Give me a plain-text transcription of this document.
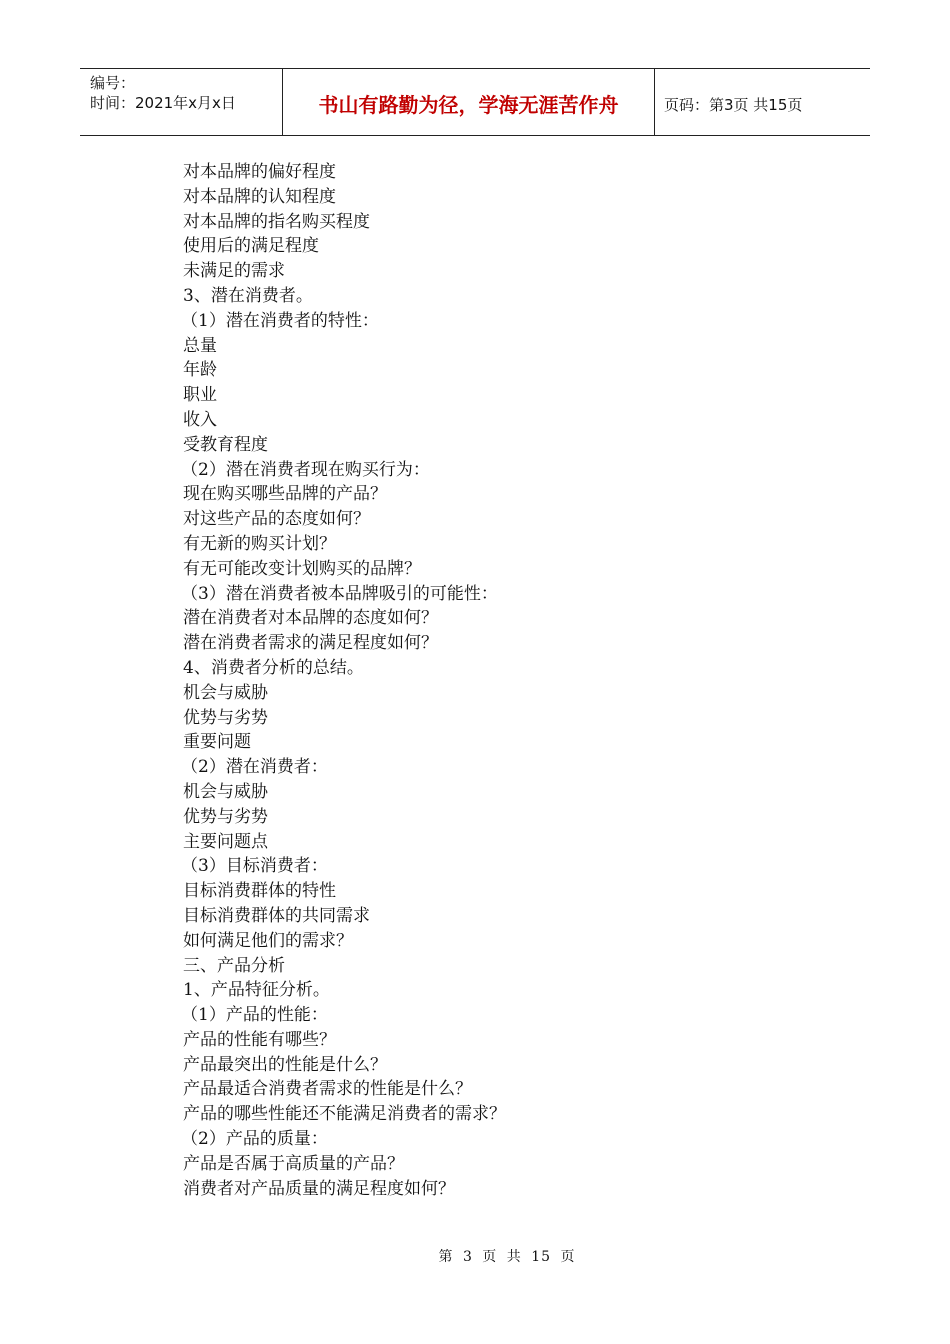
编号：
时间：2021年x月x日	书山有路勤为径，学海无涯苦作舟	页码：第3页 共15页
对本品牌的偏好程度
对本品牌的认知程度
对本品牌的指名购买程度
使用后的满足程度
未满足的需求
3、潜在消费者。
（1）潜在消费者的特性：
总量
年龄
职业
收入
受教育程度
（2）潜在消费者现在购买行为：
现在购买哪些品牌的产品？
对这些产品的态度如何？
有无新的购买计划？
有无可能改变计划购买的品牌？
（3）潜在消费者被本品牌吸引的可能性：
潜在消费者对本品牌的态度如何？
潜在消费者需求的满足程度如何？
4、消费者分析的总结。
机会与威胁
优势与劣势
重要问题
（2）潜在消费者：
机会与威胁
优势与劣势
主要问题点
（3）目标消费者：
目标消费群体的特性
目标消费群体的共同需求
如何满足他们的需求？
三、产品分析
1、产品特征分析。
（1）产品的性能：
产品的性能有哪些？
产品最突出的性能是什么？
产品最适合消费者需求的性能是什么？
产品的哪些性能还不能满足消费者的需求？
（2）产品的质量：
产品是否属于高质量的产品？
消费者对产品质量的满足程度如何？
第 3 页 共 15 页
